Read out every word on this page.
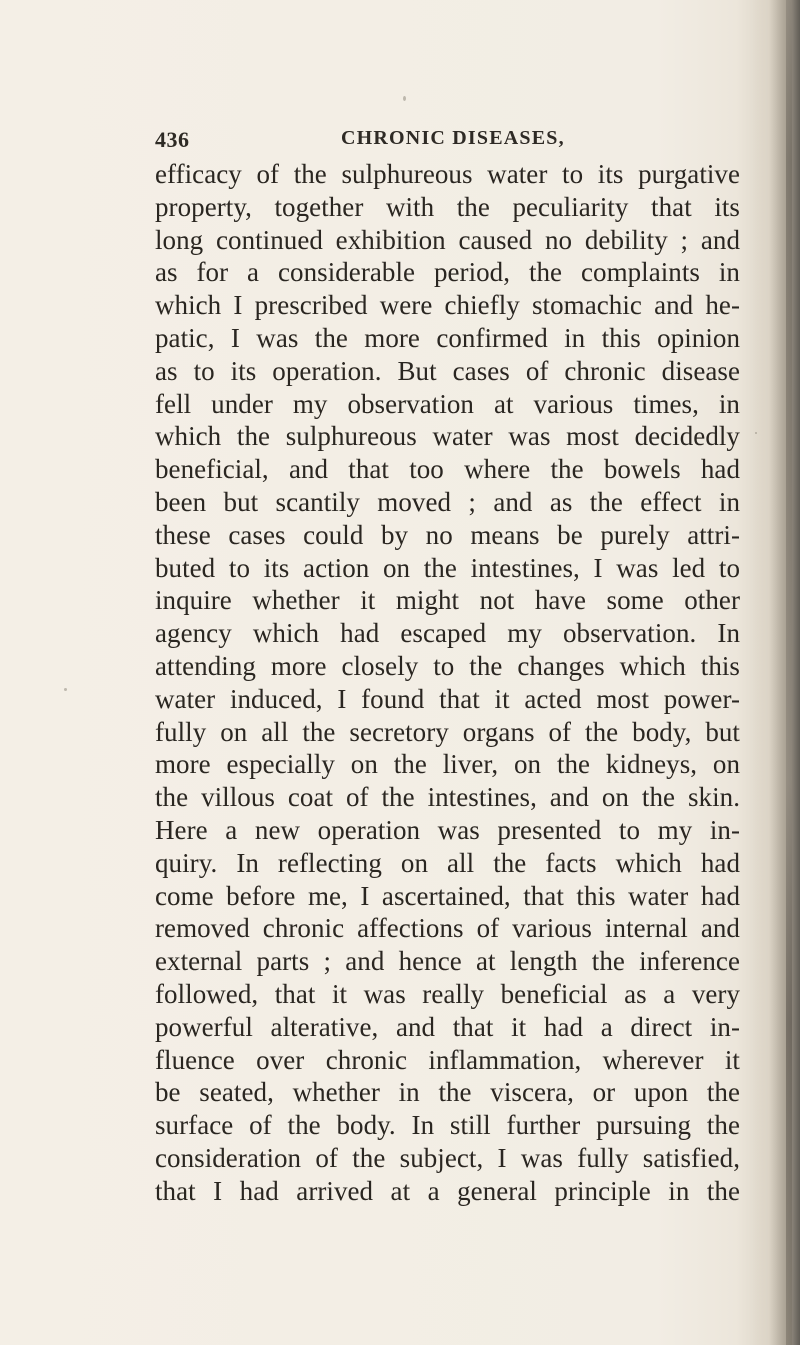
436	CHRONIC DISEASES,
efficacy of the sulphureous water to its purgative
property, together with the peculiarity that its
long continued exhibition caused no debility ; and
as for a considerable period, the complaints in
which I prescribed were chiefly stomachic and he-
patic, I was the more confirmed in this opinion
as to its operation. But cases of chronic disease
fell under my observation at various times, in
which the sulphureous water was most decidedly
beneficial, and that too where the bowels had
been but scantily moved ; and as the effect in
these cases could by no means be purely attri-
buted to its action on the intestines, I was led to
inquire whether it might not have some other
agency which had escaped my observation. In
attending more closely to the changes which this
water induced, I found that it acted most power-
fully on all the secretory organs of the body, but
more especially on the liver, on the kidneys, on
the villous coat of the intestines, and on the skin.
Here a new operation was presented to my in-
quiry. In reflecting on all the facts which had
come before me, I ascertained, that this water had
removed chronic affections of various internal and
external parts ; and hence at length the inference
followed, that it was really beneficial as a very
powerful alterative, and that it had a direct in-
fluence over chronic inflammation, wherever it
be seated, whether in the viscera, or upon the
surface of the body. In still further pursuing the
consideration of the subject, I was fully satisfied,
that I had arrived at a general principle in the
